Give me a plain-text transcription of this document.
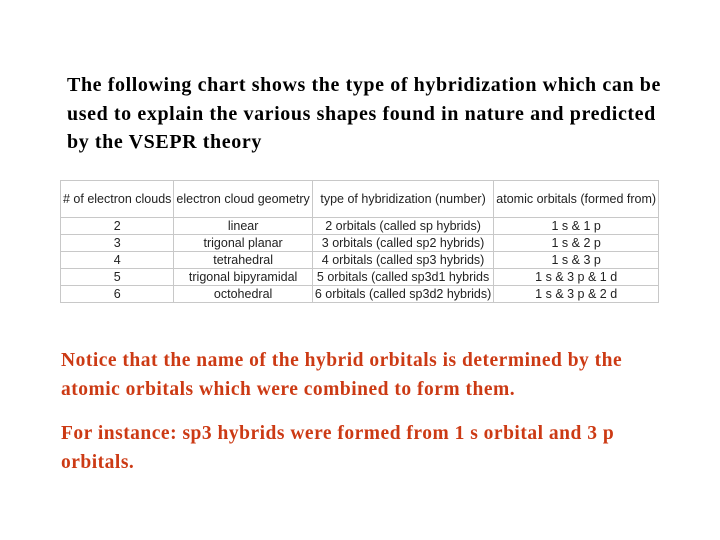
The following chart shows the type of hybridization which can be used to explain the various shapes found in nature and predicted by the VSEPR theory
# of electron clouds	electron cloud geometry	type of hybridization (number)	atomic orbitals (formed from)
2	linear	2 orbitals (called sp hybrids)	1 s & 1 p
3	trigonal planar	3 orbitals (called sp2 hybrids)	1 s & 2 p
4	tetrahedral	4 orbitals (called sp3 hybrids)	1 s & 3 p
5	trigonal bipyramidal	5 orbitals (called sp3d1 hybrids	1 s & 3 p & 1 d
6	octohedral	6 orbitals (called sp3d2 hybrids)	1 s & 3 p & 2 d
Notice that the name of the hybrid orbitals is determined by the atomic orbitals which were combined to form them.
For instance: sp3 hybrids were formed from 1 s orbital and 3 p orbitals.
